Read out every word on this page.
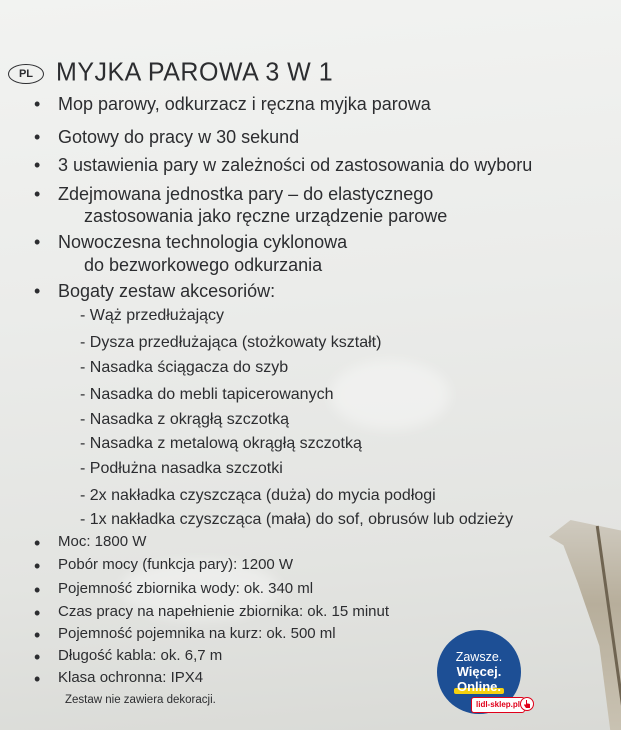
PL MYJKA PAROWA 3 W 1
• Mop parowy, odkurzacz i ręczna myjka parowa
• Gotowy do pracy w 30 sekund
• 3 ustawienia pary w zależności od zastosowania do wyboru
• Zdejmowana jednostka pary – do elastycznego
zastosowania jako ręczne urządzenie parowe
• Nowoczesna technologia cyklonowa
do bezworkowego odkurzania
• Bogaty zestaw akcesoriów:
- Wąż przedłużający
- Dysza przedłużająca (stożkowaty kształt)
- Nasadka ściągacza do szyb
- Nasadka do mebli tapicerowanych
- Nasadka z okrągłą szczotką
- Nasadka z metalową okrągłą szczotką
- Podłużna nasadka szczotki
- 2x nakładka czyszcząca (duża) do mycia podłogi
- 1x nakładka czyszcząca (mała) do sof, obrusów lub odzieży
• Moc: 1800 W
• Pobór mocy (funkcja pary): 1200 W
• Pojemność zbiornika wody: ok. 340 ml
• Czas pracy na napełnienie zbiornika: ok. 15 minut
• Pojemność pojemnika na kurz: ok. 500 ml
• Długość kabla: ok. 6,7 m
• Klasa ochronna: IPX4
Zestaw nie zawiera dekoracji.
Zawsze.
Więcej.
Online.
lidl-sklep.pl
